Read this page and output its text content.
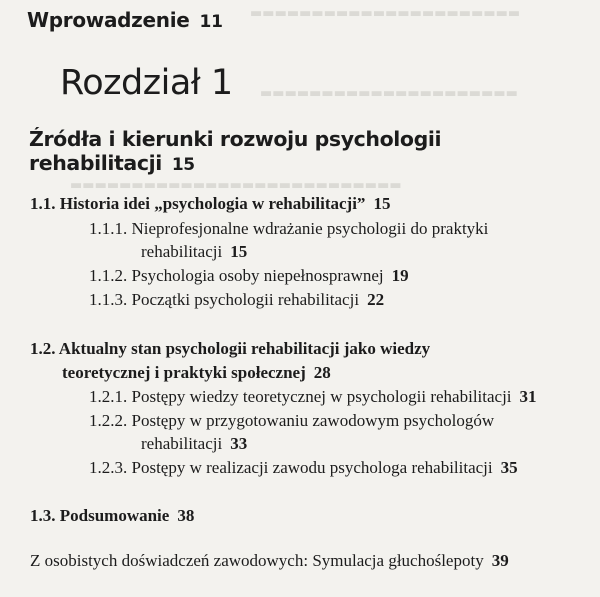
▬▬▬▬▬▬▬▬▬▬▬▬▬▬▬▬▬▬▬▬▬▬
▬▬▬▬▬▬▬▬▬▬▬▬▬▬▬▬▬▬▬▬▬
▬▬▬▬▬▬▬▬▬▬▬▬▬▬▬▬▬▬▬▬▬▬▬▬▬▬▬
Wprowadzenie 11
Rozdział 1
Źródła i kierunki rozwoju psychologii rehabilitacji 15
1.1. Historia idei „psychologia w rehabilitacji” 15
1.1.1. Nieprofesjonalne wdrażanie psychologii do praktyki
rehabilitacji 15
1.1.2. Psychologia osoby niepełnosprawnej 19
1.1.3. Początki psychologii rehabilitacji 22
1.2. Aktualny stan psychologii rehabilitacji jako wiedzy
teoretycznej i praktyki społecznej 28
1.2.1. Postępy wiedzy teoretycznej w psychologii rehabilitacji 31
1.2.2. Postępy w przygotowaniu zawodowym psychologów
rehabilitacji 33
1.2.3. Postępy w realizacji zawodu psychologa rehabilitacji 35
1.3. Podsumowanie 38
Z osobistych doświadczeń zawodowych: Symulacja głuchoślepoty 39
